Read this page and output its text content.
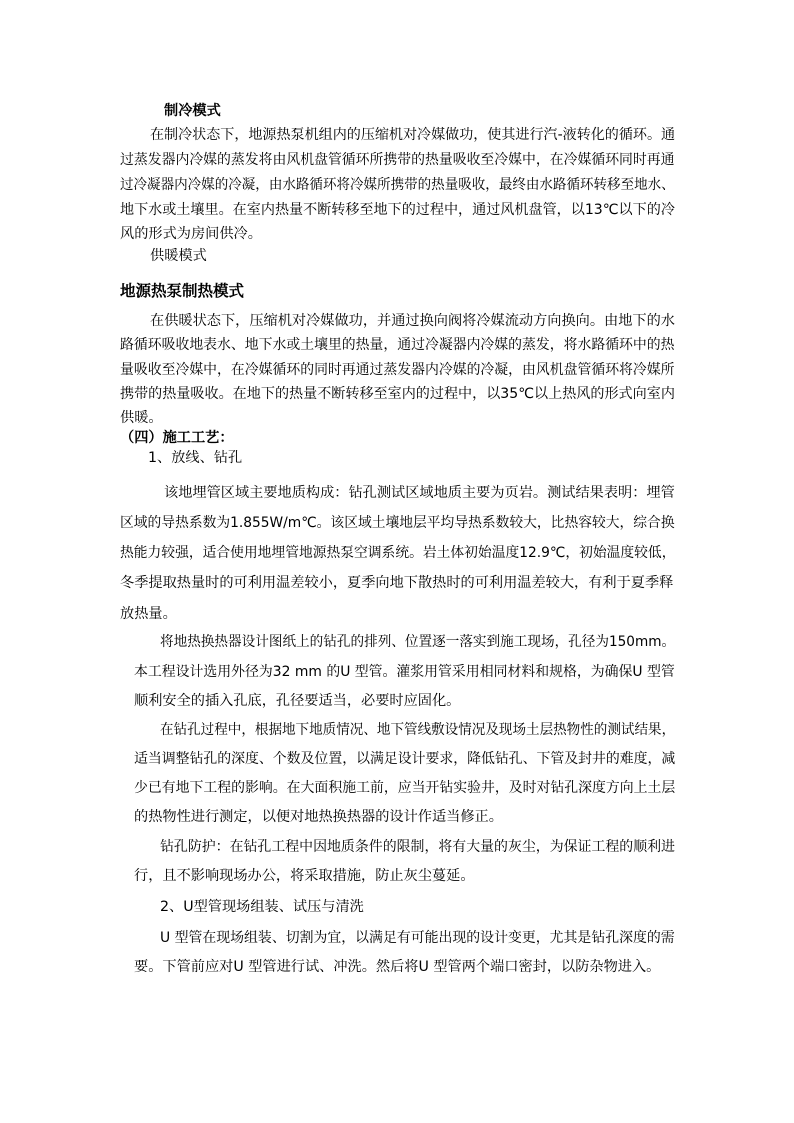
制冷模式
在制冷状态下，地源热泵机组内的压缩机对冷媒做功，使其进行汽-液转化的循环。通
过蒸发器内冷媒的蒸发将由风机盘管循环所携带的热量吸收至冷媒中，在冷媒循环同时再通
过冷凝器内冷媒的冷凝，由水路循环将冷媒所携带的热量吸收，最终由水路循环转移至地水、
地下水或土壤里。在室内热量不断转移至地下的过程中，通过风机盘管，以13℃以下的冷
风的形式为房间供冷。
供暖模式
地源热泵制热模式
在供暖状态下，压缩机对冷媒做功，并通过换向阀将冷媒流动方向换向。由地下的水
路循环吸收地表水、地下水或土壤里的热量，通过冷凝器内冷媒的蒸发，将水路循环中的热
量吸收至冷媒中，在冷媒循环的同时再通过蒸发器内冷媒的冷凝，由风机盘管循环将冷媒所
携带的热量吸收。在地下的热量不断转移至室内的过程中，以35℃以上热风的形式向室内
供暖。
（四）施工工艺：
1、放线、钻孔
该地埋管区域主要地质构成：钻孔测试区域地质主要为页岩。测试结果表明：埋管
区域的导热系数为1.855W/m℃。该区域土壤地层平均导热系数较大，比热容较大，综合换
热能力较强，适合使用地埋管地源热泵空调系统。岩土体初始温度12.9℃，初始温度较低，
冬季提取热量时的可利用温差较小，夏季向地下散热时的可利用温差较大，有利于夏季释
放热量。
将地热换热器设计图纸上的钻孔的排列、位置逐一落实到施工现场，孔径为150mm。
本工程设计选用外径为32 mm 的U 型管。灌浆用管采用相同材料和规格，为确保U 型管
顺利安全的插入孔底，孔径要适当，必要时应固化。
在钻孔过程中，根据地下地质情况、地下管线敷设情况及现场土层热物性的测试结果，
适当调整钻孔的深度、个数及位置，以满足设计要求，降低钻孔、下管及封井的难度，减
少已有地下工程的影响。在大面积施工前，应当开钻实验井，及时对钻孔深度方向上土层
的热物性进行测定，以便对地热换热器的设计作适当修正。
钻孔防护：在钻孔工程中因地质条件的限制，将有大量的灰尘，为保证工程的顺利进
行，且不影响现场办公，将采取措施，防止灰尘蔓延。
2、U型管现场组装、试压与清洗
U 型管在现场组装、切割为宜，以满足有可能出现的设计变更，尤其是钻孔深度的需
要。下管前应对U 型管进行试、冲洗。然后将U 型管两个端口密封，以防杂物进入。
